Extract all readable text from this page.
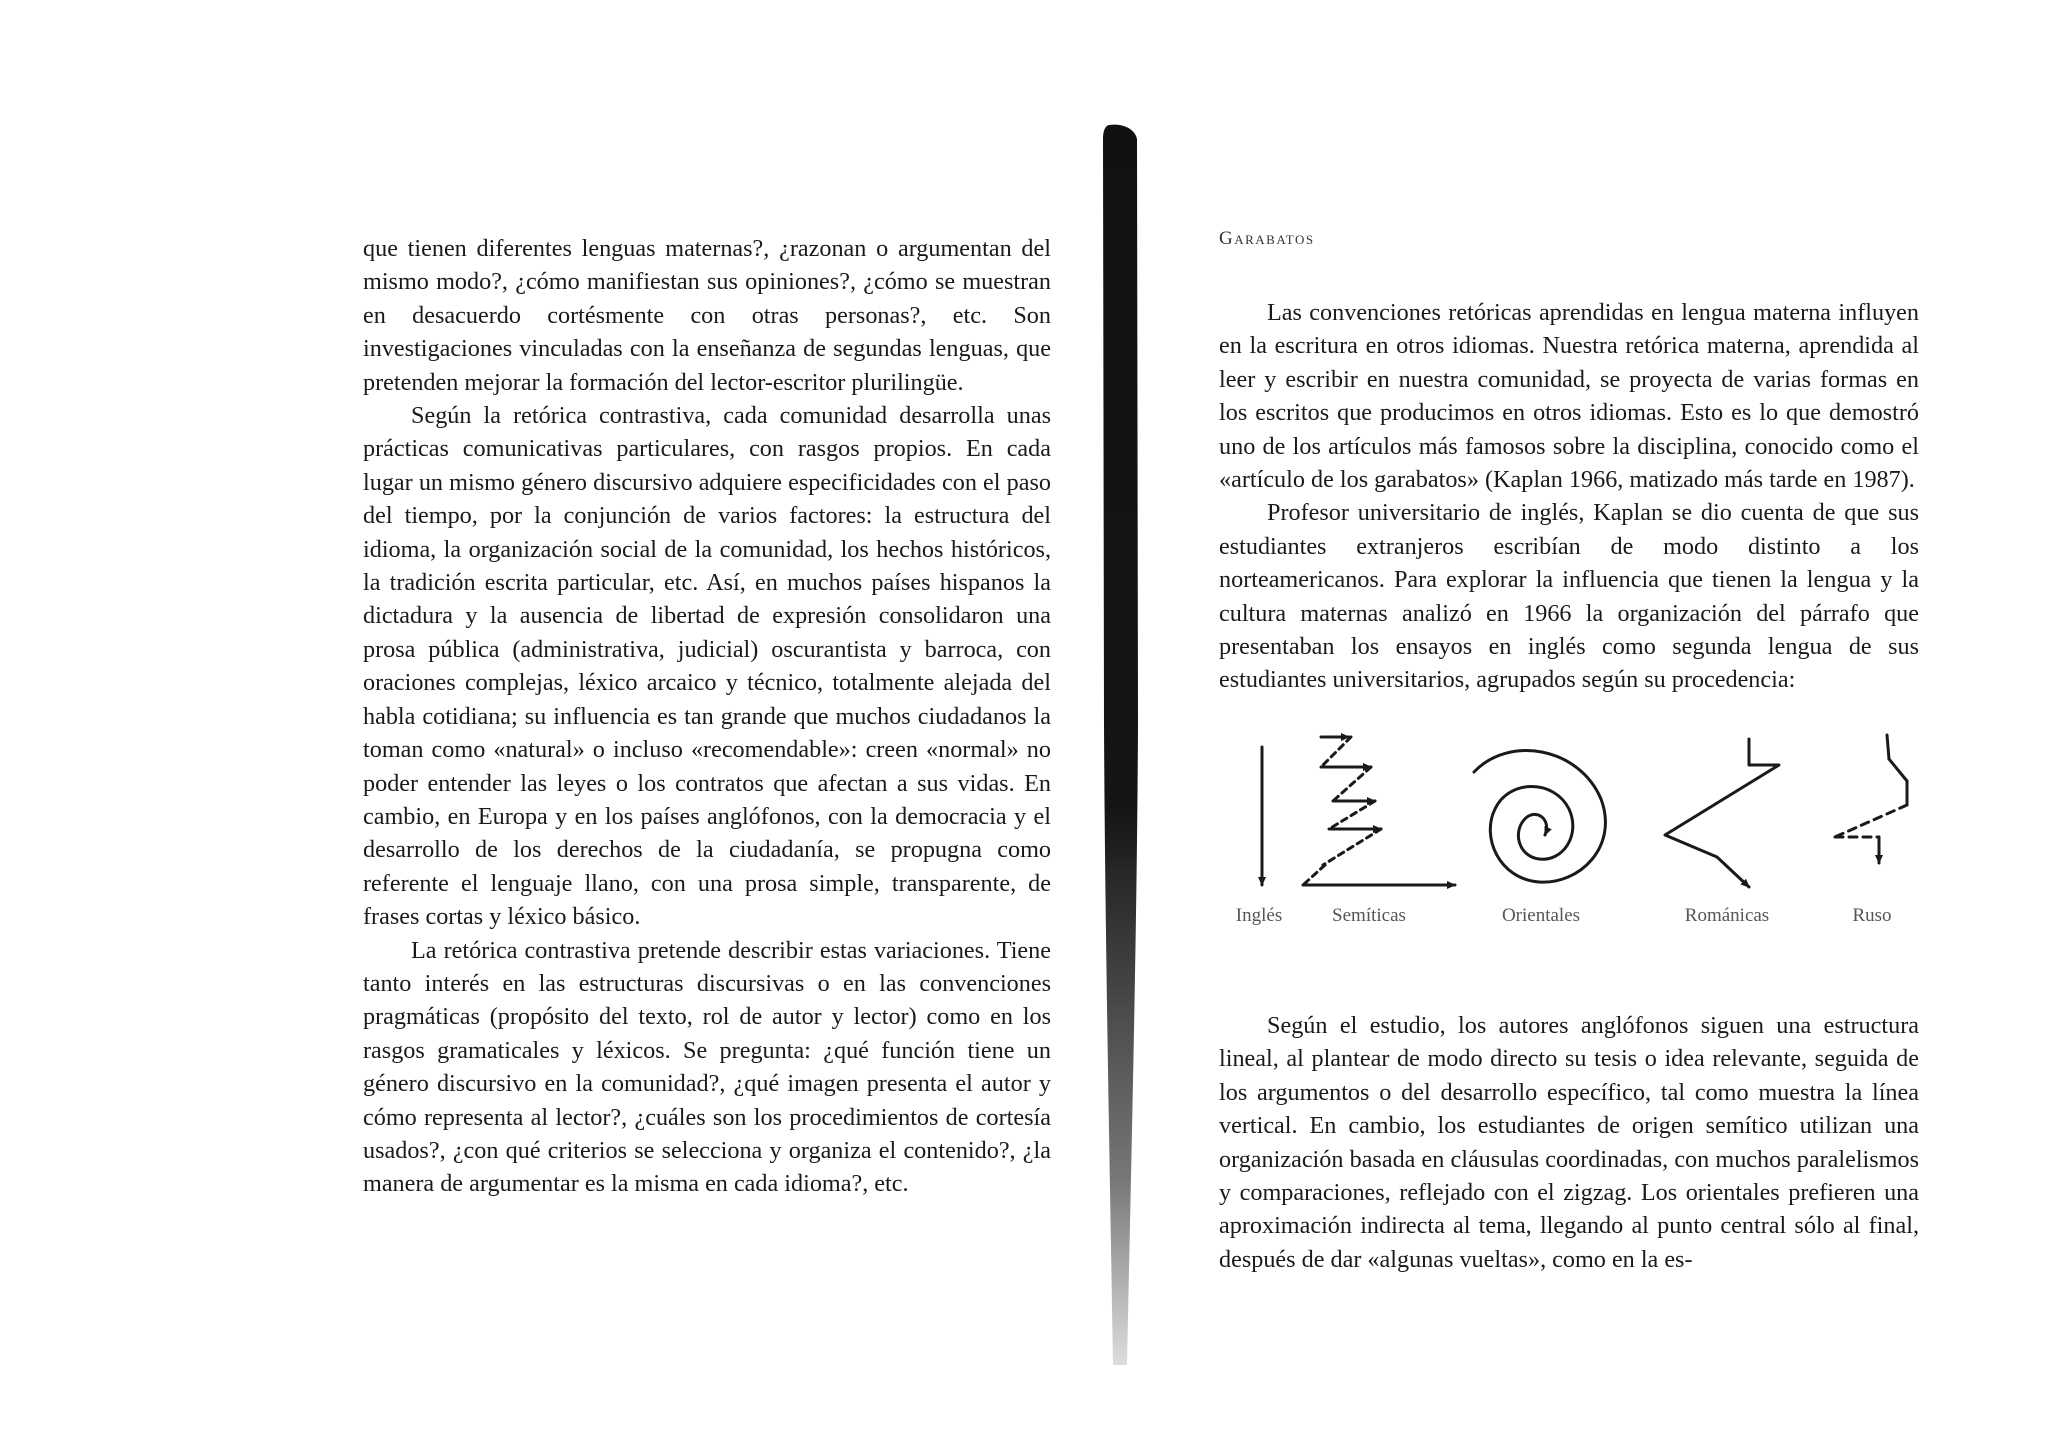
que tienen diferentes lenguas maternas?, ¿razonan o argumentan del mismo modo?, ¿cómo manifiestan sus opiniones?, ¿cómo se muestran en desacuerdo cortésmente con otras personas?, etc. Son investigaciones vinculadas con la enseñanza de segundas lenguas, que pretenden mejorar la formación del lector-escritor plurilingüe.

Según la retórica contrastiva, cada comunidad desarrolla unas prácticas comunicativas particulares, con rasgos propios. En cada lugar un mismo género discursivo adquiere especificidades con el paso del tiempo, por la conjunción de varios factores: la estructura del idioma, la organización social de la comunidad, los hechos históricos, la tradición escrita particular, etc. Así, en muchos países hispanos la dictadura y la ausencia de libertad de expresión consolidaron una prosa pública (administrativa, judicial) oscurantista y barroca, con oraciones complejas, léxico arcaico y técnico, totalmente alejada del habla cotidiana; su influencia es tan grande que muchos ciudadanos la toman como «natural» o incluso «recomendable»: creen «normal» no poder entender las leyes o los contratos que afectan a sus vidas. En cambio, en Europa y en los países anglófonos, con la democracia y el desarrollo de los derechos de la ciudadanía, se propugna como referente el lenguaje llano, con una prosa simple, transparente, de frases cortas y léxico básico.

La retórica contrastiva pretende describir estas variaciones. Tiene tanto interés en las estructuras discursivas o en las convenciones pragmáticas (propósito del texto, rol de autor y lector) como en los rasgos gramaticales y léxicos. Se pregunta: ¿qué función tiene un género discursivo en la comunidad?, ¿qué imagen presenta el autor y cómo representa al lector?, ¿cuáles son los procedimientos de cortesía usados?, ¿con qué criterios se selecciona y organiza el contenido?, ¿la manera de argumentar es la misma en cada idioma?, etc.

Garabatos

Las convenciones retóricas aprendidas en lengua materna influyen en la escritura en otros idiomas. Nuestra retórica materna, aprendida al leer y escribir en nuestra comunidad, se proyecta de varias formas en los escritos que producimos en otros idiomas. Esto es lo que demostró uno de los artículos más famosos sobre la disciplina, conocido como el «artículo de los garabatos» (Kaplan 1966, matizado más tarde en 1987).

Profesor universitario de inglés, Kaplan se dio cuenta de que sus estudiantes extranjeros escribían de modo distinto a los norteamericanos. Para explorar la influencia que tienen la lengua y la cultura maternas analizó en 1966 la organización del párrafo que presentaban los ensayos en inglés como segunda lengua de sus estudiantes universitarios, agrupados según su procedencia:

Inglés	Semíticas	Orientales	Románicas	Ruso

Según el estudio, los autores anglófonos siguen una estructura lineal, al plantear de modo directo su tesis o idea relevante, seguida de los argumentos o del desarrollo específico, tal como muestra la línea vertical. En cambio, los estudiantes de origen semítico utilizan una organización basada en cláusulas coordinadas, con muchos paralelismos y comparaciones, reflejado con el zigzag. Los orientales prefieren una aproximación indirecta al tema, llegando al punto central sólo al final, después de dar «algunas vueltas», como en la es-
